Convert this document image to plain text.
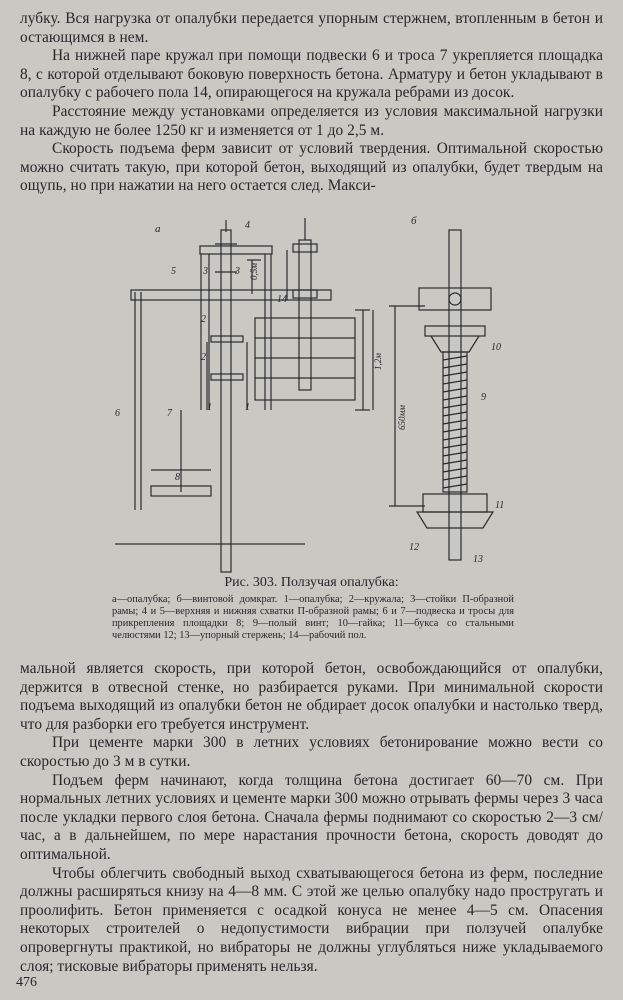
лубку. Вся нагрузка от опалубки передается упорным стержнем, втопленным в бетон и остающимся в нем.

На нижней паре кружал при помощи подвески 6 и троса 7 укрепляется площадка 8, с которой отделывают боковую поверхность бетона. Арматуру и бетон укладывают в опалубку с рабочего пола 14, опирающегося на кружала ребрами из досок.

Расстояние между установками определяется из условия максимальной нагрузки на каждую не более 1250 кг и изменяется от 1 до 2,5 м.

Скорость подъема ферм зависит от условий твердения. Оптимальной скоростью можно считать такую, при которой бетон, выходящий из опалубки, будет твердым на ощупь, но при нажатии на него остается след. Макси-

а
б
0,5м
1,2м
650мм
1	1
2
2
3	3
4
5
6	7
8
9
10
11
12
13
14
Рис. 303. Ползучая опалубка:
а—опалубка; б—винтовой домкрат. 1—опалубка; 2—кружала; 3—стойки П-образной рамы; 4 и 5—верхняя и нижняя схватки П-образной рамы; 6 и 7—подвеска и тросы для прикрепления площадки 8; 9—полый винт; 10—гайка; 11—букса со стальными челюстями 12; 13—упорный стержень; 14—рабочий пол.

мальной является скорость, при которой бетон, освобождающийся от опалубки, держится в отвесной стенке, но разбирается руками. При минимальной скорости подъема выходящий из опалубки бетон не обдирает досок опалубки и настолько тверд, что для разборки его требуется инструмент.

При цементе марки 300 в летних условиях бетонирование можно вести со скоростью до 3 м в сутки.

Подъем ферм начинают, когда толщина бетона достигает 60—70 см. При нормальных летних условиях и цементе марки 300 можно отрывать фермы через 3 часа после укладки первого слоя бетона. Сначала фермы поднимают со скоростью 2—3 см/час, а в дальнейшем, по мере нарастания прочности бетона, скорость доводят до оптимальной.

Чтобы облегчить свободный выход схватывающегося бетона из ферм, последние должны расширяться книзу на 4—8 мм. С этой же целью опалубку надо простругать и проолифить. Бетон применяется с осадкой конуса не менее 4—5 см. Опасения некоторых строителей о недопустимости вибрации при ползучей опалубке опровергнуты практикой, но вибраторы не должны углубляться ниже укладываемого слоя; тисковые вибраторы применять нельзя.

476
